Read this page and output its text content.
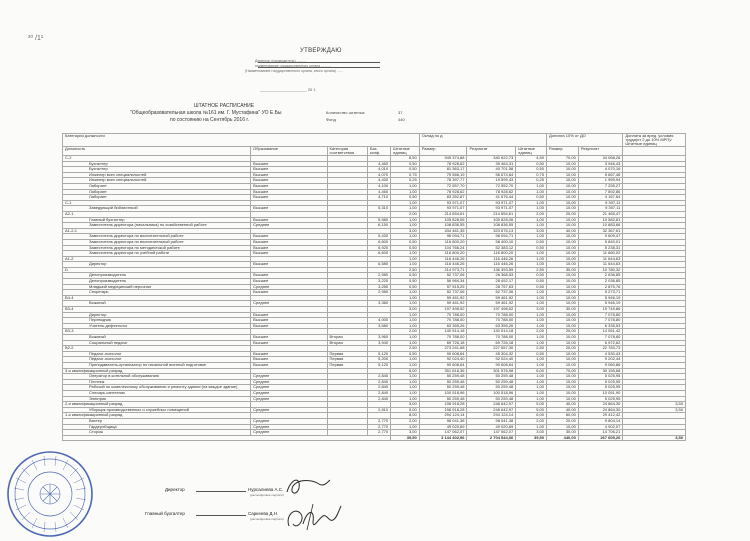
³⁰ /1¹
УТВЕРЖДАЮ
Директор (руководитель) ..........
наименование государственного органа ..........
(Наименование государственного органа, иного органа) ......
_____________________ 20 1
ШТАТНОЕ РАСПИСАНИЕ
"Общеобразовательная школа №161 им. Г. Мустафина" УО Е.Бы
по состоянию на Сентябрь 2016 г.
Количество штатных	37
Фонд	440
Категория должности					Оклад по д			Доплата 10% от ДО		Доплата за вред. условия труда(от 2 до 10% МРП)/ Штатные единиц
Должность	Образование	Категория соответствия	Баз. коэф.	Штатные единиц	Размер	Результат	Штатные единиц	Размер	Результат	
С-2				8,50	949 374,88	340 622,73	4,50	70,00	34 068,26	
Бухгалтер	Высшее		4,460	0,50	78 928,62	39 464,31	0,50	10,00	3 946,43	
Бухгалтер	Высшее		4,010	0,50	81 363,17	40 701,58	0,50	10,00	4 070,16	
Инженер всех специальностей	Высшее		4,070	0,75	75 566,19	56 674,64	0,75	10,00	5 667,46	
Инженер всех специальностей	Высшее		4,430	0,25	78 397,77	19 599,43	0,25	10,00	1 959,94	
Лаборант	Высшее		4,100	1,00	72 557,70	72 552,70	1,00	10,00	7 255,27	
Лаборант	Высшее		4,460	1,00	78 928,62	78 928,62	1,00	10,00	7 892,86	
Лаборант	Высшее		4,710	0,50	83 352,87	41 676,44	0,50	10,00	4 167,64	
С-1				1,00	93 971,07	93 971,07	1,00	10,00	9 397,11	
Заведующий библиотекой	Высшее		5,310	1,00	93 971,07	93 971,07	1,00	10,00	9 397,11	
А2-1				2,00	214 654,61	214 654,61	2,00	20,00	21 465,47	
Главный бухгалтер	Высшее		5,980	1,00	105 828,06	105 828,06	1,00	10,00	10 582,81	
Заместитель директора (начальника) по хозяйственной работе	Среднее		6,150	1,00	108 836,55	108 836,55	1,00	10,00	10 883,66	
А1-2-1				3,00	434 461,35	323 676,13	3,00	40,00	32 367,61	
Заместитель директора по воспитательной работе	Высшее		5,430	1,00	96 094,71	96 094,71	1,00	10,00	9 609,47	
Заместитель директора по воспитательной работе	Высшее		6,600	0,50	116 800,20	58 400,10	0,50	10,00	5 840,01	
Заместитель директора по методической работе	Высшее		5,920	0,50	104 766,24	52 383,12	0,50	10,00	5 238,31	
Заместитель директора по учебной работе	Высшее		6,600	1,00	116 800,20	116 800,20	1,00	10,00	11 680,02	
А1-2				1,00	116 446,26	116 446,26	1,00	10,00	11 644,63	
Директор	Высшее		6,580	1,00	116 446,26	116 446,26	1,00	10,00	11 644,63	
D				2,50	214 973,71	136 393,59	2,50	30,00	10 780,32	
Делопроизводитель	Высшее		2,980	0,50	52 737,06	26 368,53	0,50	10,00	2 636,85	
Делопроизводитель	Высшее		3,220	0,50	56 984,34	28 492,17	0,50	10,00	2 036,85	
Младший медицинский персонал	Среднее		3,250	0,50	57 515,25	28 757,63	0,50	10,00	2 875,76	
Секретарь	Высшее		2,980	1,00	52 737,06	52 737,06	1,00	10,00	5 273,71	
В4-4				1,00	59 461,92	59 461,92	1,00	10,00	5 946,19	
Вожатый	Среднее		3,360	1,00	59 461,92	59 461,92	1,00	10,00	5 946,19	
В3-4				3,00	197 498,52	197 498,52	3,00	30,00	19 749,86	
Директор	Высшее			1,00	70 788,00	70 788,00	1,00	10,00	7 078,80	
Переводчик	Высшее		4,000	1,00	70 788,00	70 788,00	1,00	10,00	7 078,80	
Учитель-дефектолог	Высшее		3,580	1,00	63 355,26	63 355,26	1,00	10,00	6 335,53	
В3-3				2,00	140 514,18	140 514,18	2,00	20,00	14 051,42	
Вожатый	Высшее	Вторая	3,960	1,00	70 788,00	70 788,00	1,00	10,00	7 078,80	
Социальный педагог	Высшее	Вторая	3,940	1,00	69 726,18	69 726,18	1,00	10,00	6 972,62	
В2-2				2,50	273 241,68	227 557,30	2,50	20,00	22 783,73	
Педагог-психолог	Высшее	Первая	5,120	0,50	90 608,64	45 304,32	0,50	10,00	4 530,43	
Педагог-психолог	Высшее	Первая	5,200	1,00	92 024,40	92 024,40	1,00	10,00	9 202,44	
Преподаватель-организатор по начальной военной подготовке	Высшее	Первая	5,120	1,00	90 608,64	90 608,64	1,00	10,00	9 060,86	
3-я квалификационный разряд				6,00	351 616,36	301 576,98	6,00	70,00	30 155,68	
Оператор в котельной обслуживанию	Среднее		2,840	1,00	50 259,48	50 259,48	1,00	10,00	5 025,95	
Плотник	Среднее		2,840	1,00	50 259,48	50 259,48	1,00	10,00	5 025,95	
Рабочий по комплексному обслуживанию и ремонту здания (на каждое здание)	Среднее		2,840	1,00	50 259,48	50 259,48	1,00	10,00	5 025,95	
Слесарь-сантехник	Среднее		2,840	1,00	100 518,96	100 518,96	1,00	10,00	10 051,90	
Электрик	Среднее		2,840	1,00	50 259,48	50 259,48	1,00	10,00	5 025,95	
2-я квалификационный разряд				5,00	198 918,28	248 642,97	5,00	40,00	24 864,30	3,50
Уборщик производственных и служебных помещений	Среднее		2,810	5,00	198 918,28	248 642,97	5,00	40,00	24 864,30	3,50
1-я квалификационный разряд				8,00	294 124,14	294 124,14	6,00	60,00	29 412,42	
Вахтер	Среднее		2,770	2,00	98 041,38	98 041,38	2,00	20,00	9 804,14	
Гардеробщица	Среднее		2,770	1,00	49 020,69	49 020,69	1,00	10,00	4 902,07	
Сторож	Среднее		2,770	3,00	147 062,07	147 062,07	3,00	30,00	14 706,21	
				39,50	3 144 402,96	2 704 544,06	39,50	440,00	267 605,20	3,50
Директор	Нурсалиева А.С.
(расшифровка подписи)
Главный бухгалтер	Саркеева Д.Н.
(расшифровка подписи)
